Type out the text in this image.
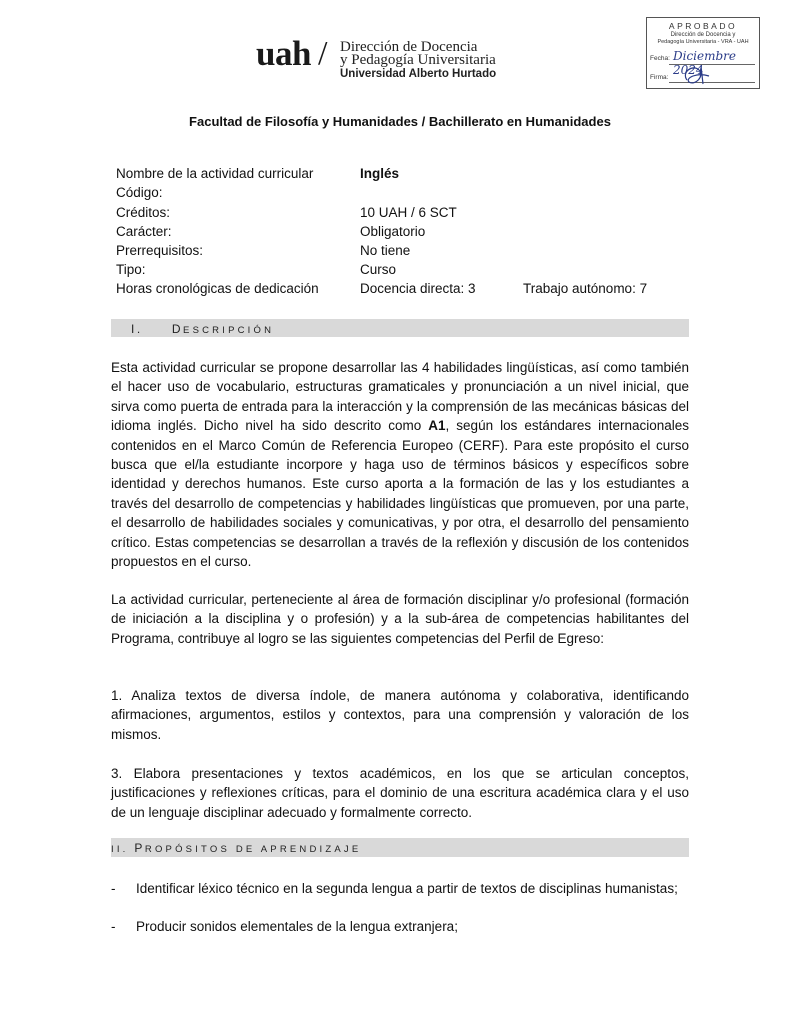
uah / Dirección de Docencia
y Pedagogía Universitaria
Universidad Alberto Hurtado
APROBADO
Dirección de Docencia y
Pedagogía Universitaria - VRA - UAH
Fecha: Diciembre 2024
Firma:
Facultad de Filosofía y Humanidades / Bachillerato en Humanidades
Nombre de la actividad curricular	Inglés
Código:
Créditos:	10 UAH / 6 SCT
Carácter:	Obligatorio
Prerrequisitos:	No tiene
Tipo:	Curso
Horas cronológicas de dedicación	Docencia directa: 3	Trabajo autónomo: 7
I. DESCRIPCIÓN
Esta actividad curricular se propone desarrollar las 4 habilidades lingüísticas, así como también el hacer uso de vocabulario, estructuras gramaticales y pronunciación a un nivel inicial, que sirva como puerta de entrada para la interacción y la comprensión de las mecánicas básicas del idioma inglés. Dicho nivel ha sido descrito como A1, según los estándares internacionales contenidos en el Marco Común de Referencia Europeo (CERF). Para este propósito el curso busca que el/la estudiante incorpore y haga uso de términos básicos y específicos sobre identidad y derechos humanos. Este curso aporta a la formación de las y los estudiantes a través del desarrollo de competencias y habilidades lingüísticas que promueven, por una parte, el desarrollo de habilidades sociales y comunicativas, y por otra, el desarrollo del pensamiento crítico. Estas competencias se desarrollan a través de la reflexión y discusión de los contenidos propuestos en el curso.
La actividad curricular, perteneciente al área de formación disciplinar y/o profesional (formación de iniciación a la disciplina y o profesión) y a la sub-área de competencias habilitantes del Programa, contribuye al logro se las siguientes competencias del Perfil de Egreso:
1. Analiza textos de diversa índole, de manera autónoma y colaborativa, identificando afirmaciones, argumentos, estilos y contextos, para una comprensión y valoración de los mismos.
3. Elabora presentaciones y textos académicos, en los que se articulan conceptos, justificaciones y reflexiones críticas, para el dominio de una escritura académica clara y el uso de un lenguaje disciplinar adecuado y formalmente correcto.
II. PROPÓSITOS DE APRENDIZAJE
- Identificar léxico técnico en la segunda lengua a partir de textos de disciplinas humanistas;
- Producir sonidos elementales de la lengua extranjera;
